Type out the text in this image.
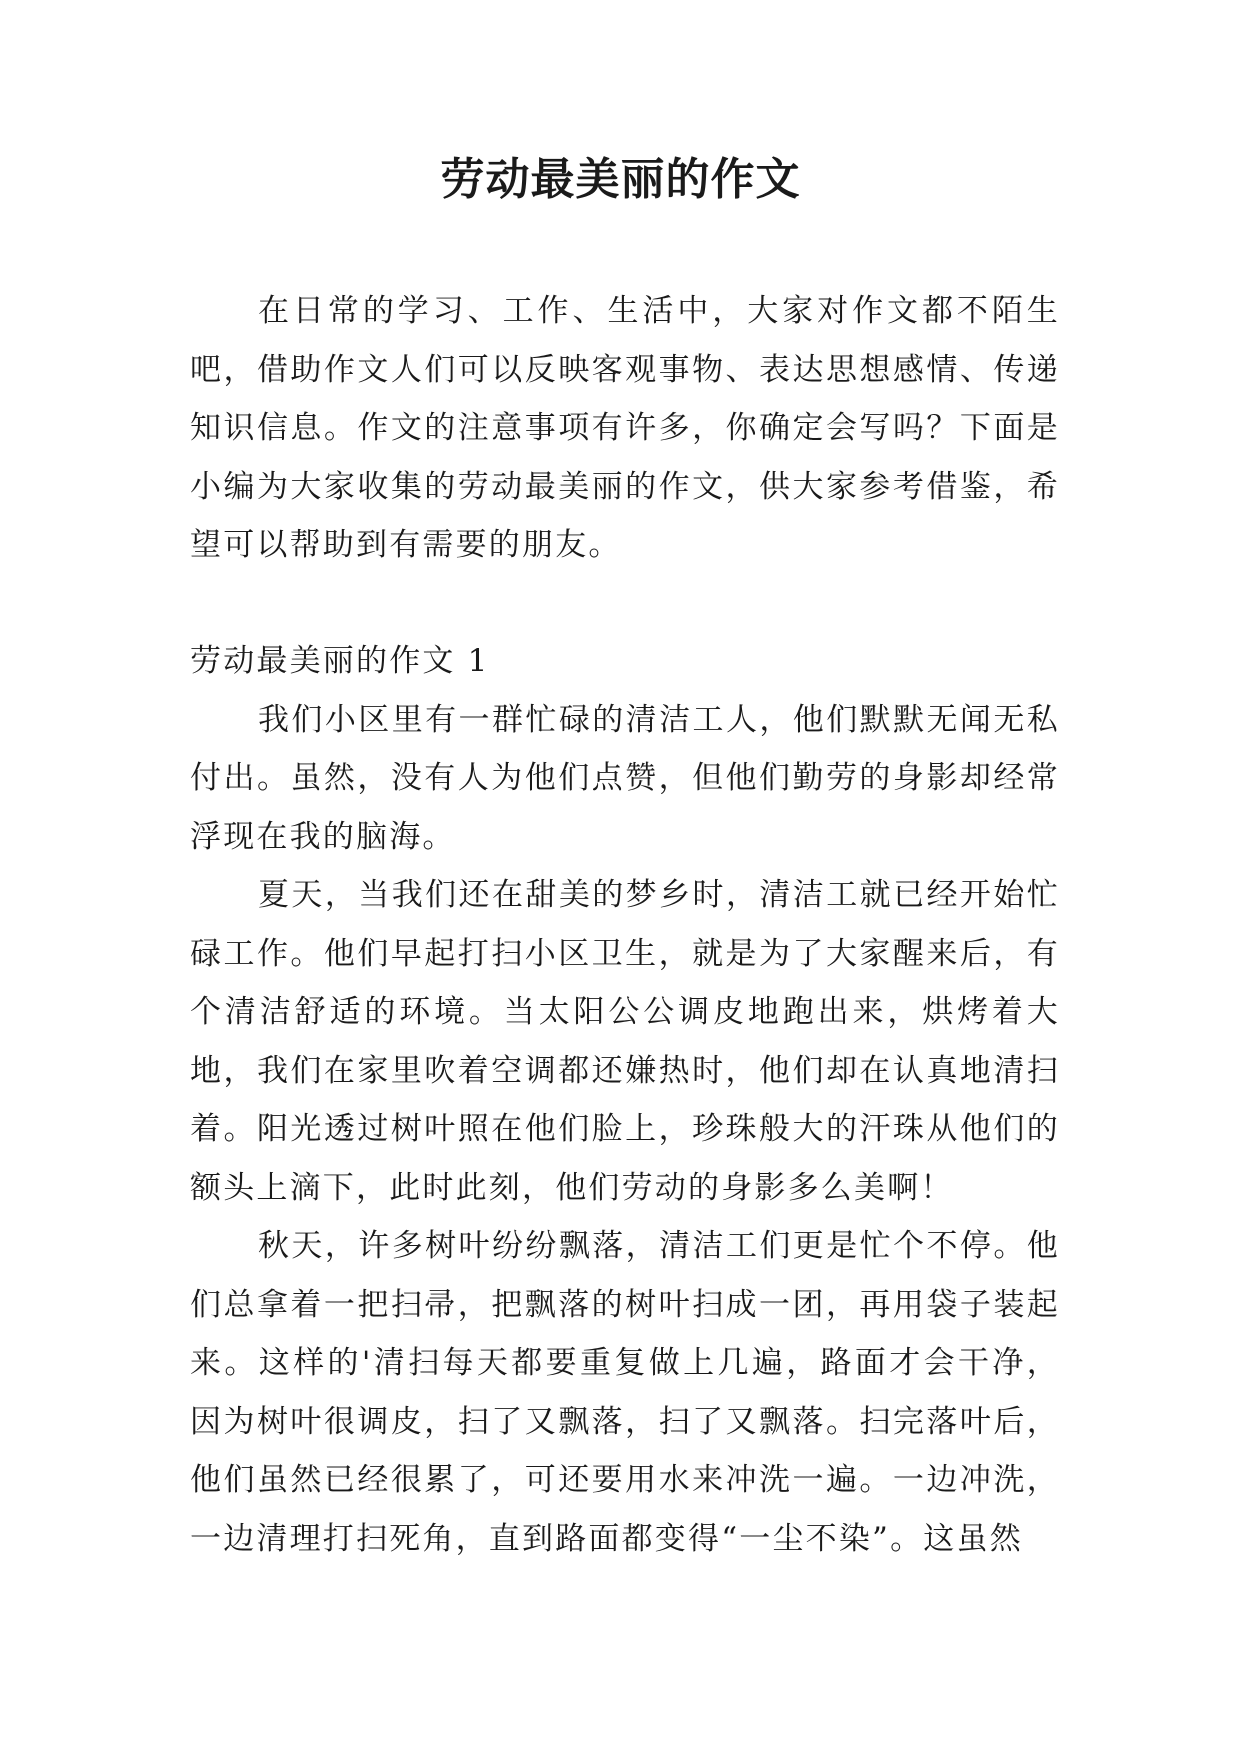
劳动最美丽的作文

在日常的学习、工作、生活中，大家对作文都不陌生吧，借助作文人们可以反映客观事物、表达思想感情、传递知识信息。作文的注意事项有许多，你确定会写吗？下面是小编为大家收集的劳动最美丽的作文，供大家参考借鉴，希望可以帮助到有需要的朋友。

劳动最美丽的作文 1

我们小区里有一群忙碌的清洁工人，他们默默无闻无私付出。虽然，没有人为他们点赞，但他们勤劳的身影却经常浮现在我的脑海。

夏天，当我们还在甜美的梦乡时，清洁工就已经开始忙碌工作。他们早起打扫小区卫生，就是为了大家醒来后，有个清洁舒适的环境。当太阳公公调皮地跑出来，烘烤着大地，我们在家里吹着空调都还嫌热时，他们却在认真地清扫着。阳光透过树叶照在他们脸上，珍珠般大的汗珠从他们的额头上滴下，此时此刻，他们劳动的身影多么美啊！

秋天，许多树叶纷纷飘落，清洁工们更是忙个不停。他们总拿着一把扫帚，把飘落的树叶扫成一团，再用袋子装起来。这样的'清扫每天都要重复做上几遍，路面才会干净，因为树叶很调皮，扫了又飘落，扫了又飘落。扫完落叶后，他们虽然已经很累了，可还要用水来冲洗一遍。一边冲洗，一边清理打扫死角，直到路面都变得“一尘不染”。这虽然
